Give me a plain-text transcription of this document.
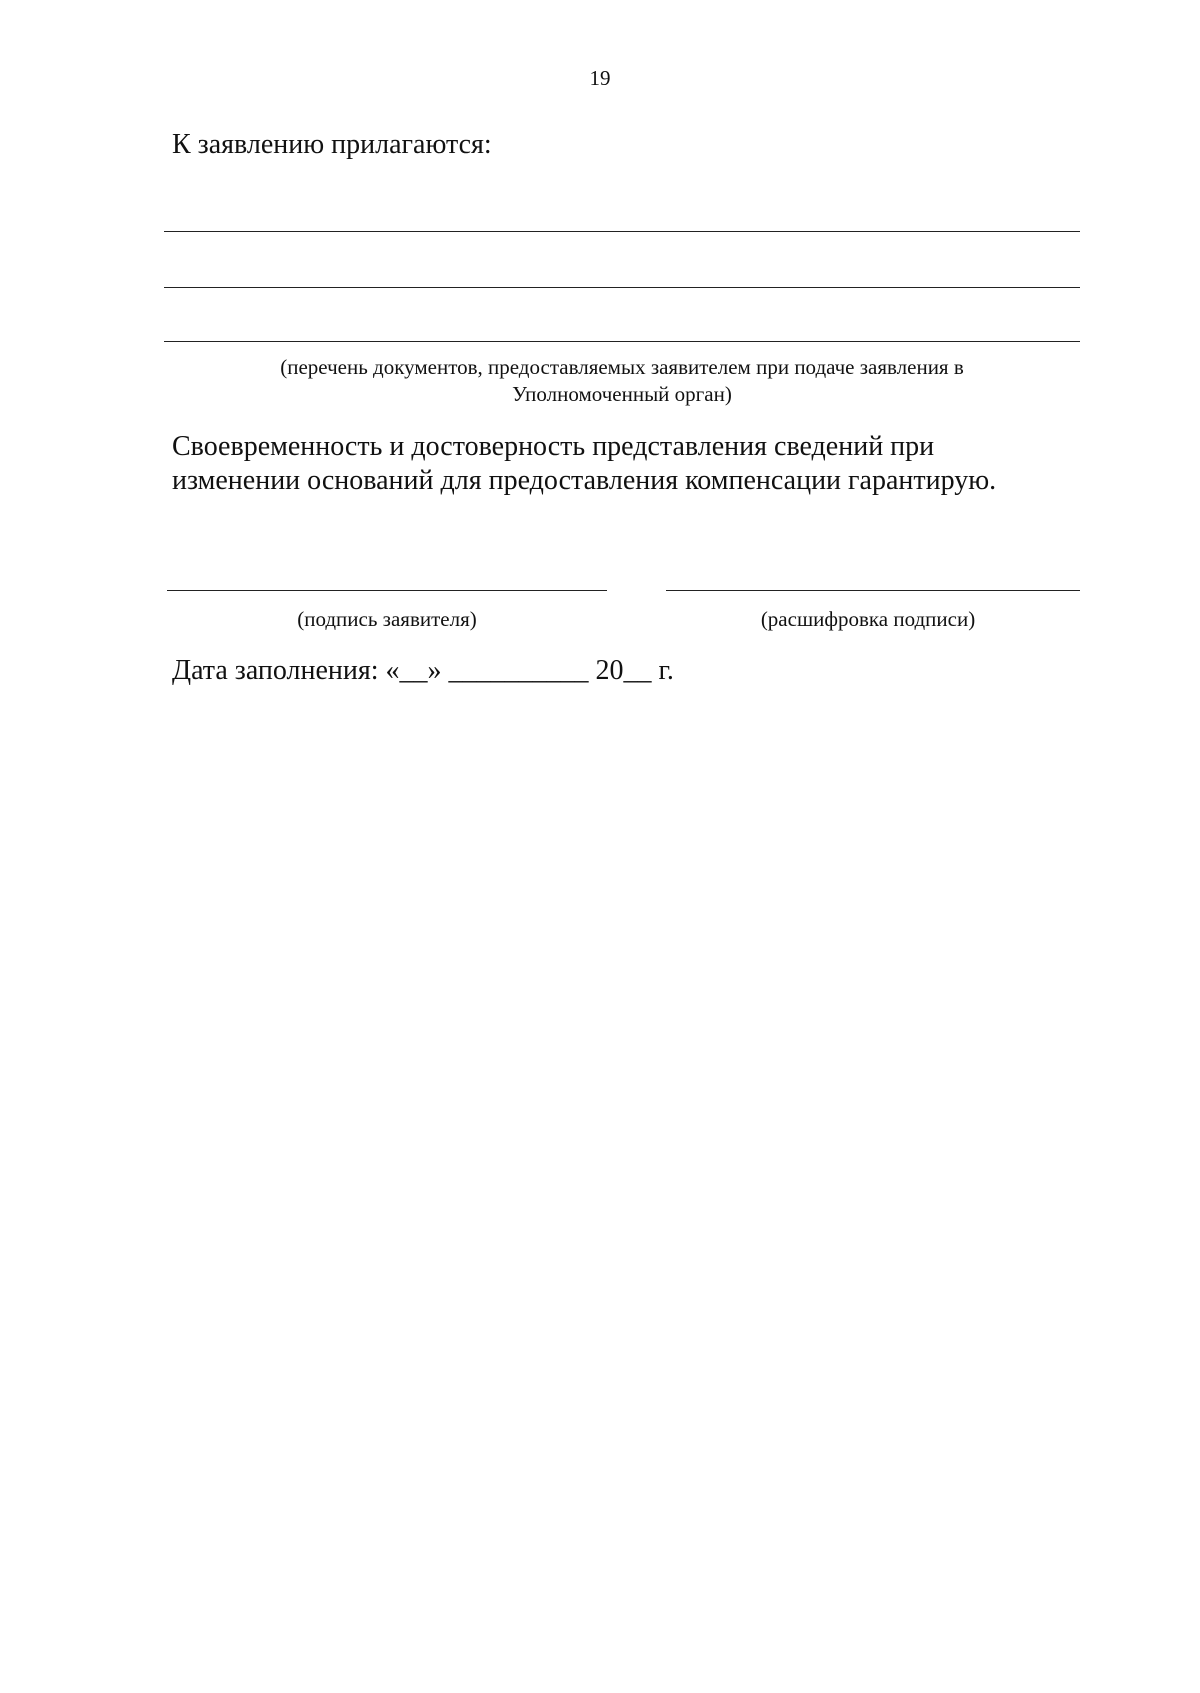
19
К заявлению прилагаются:
(перечень документов, предоставляемых заявителем при подаче заявления в
Уполномоченный орган)
Своевременность и достоверность представления сведений при
изменении оснований для предоставления компенсации гарантирую.
(подпись заявителя)	(расшифровка подписи)
Дата заполнения: «__» __________ 20__ г.
